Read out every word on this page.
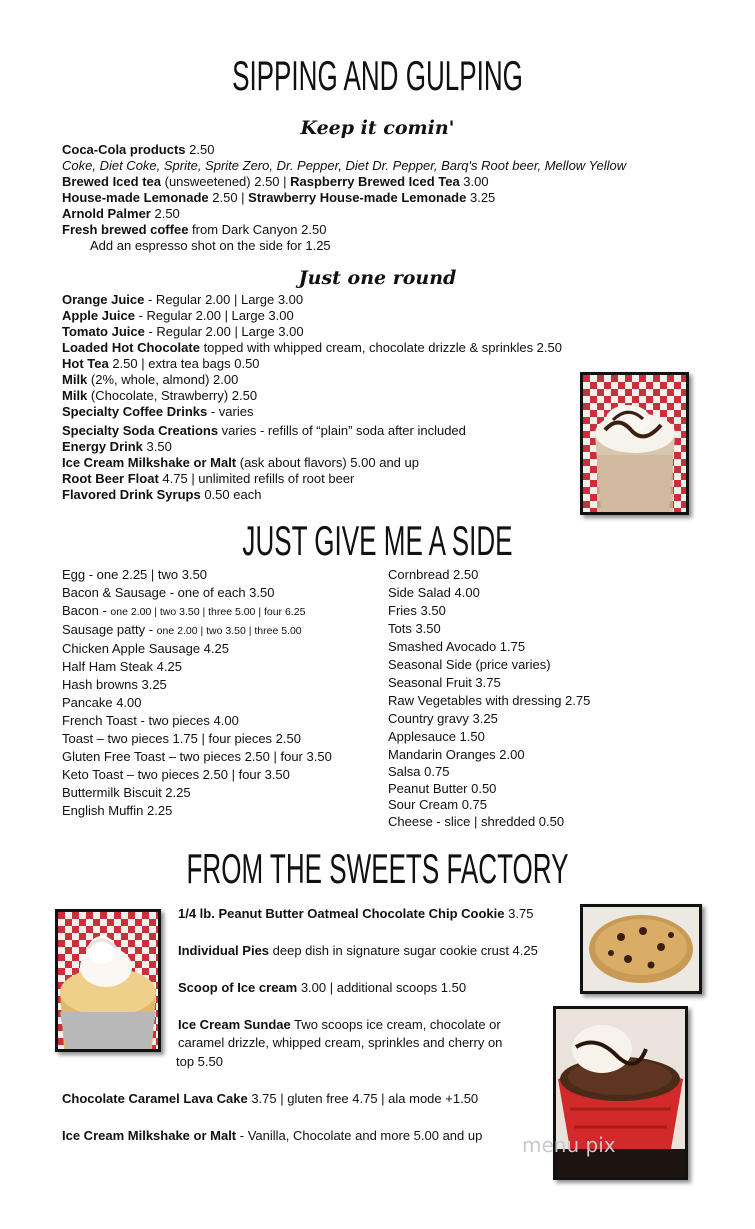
SIPPING AND GULPING
Keep it comin'
Coca-Cola products 2.50
Coke, Diet Coke, Sprite, Sprite Zero, Dr. Pepper, Diet Dr. Pepper, Barq's Root beer, Mellow Yellow
Brewed Iced tea (unsweetened) 2.50 | Raspberry Brewed Iced Tea 3.00
House-made Lemonade 2.50 | Strawberry House-made Lemonade 3.25
Arnold Palmer 2.50
Fresh brewed coffee from Dark Canyon 2.50
Add an espresso shot on the side for 1.25
Just one round
Orange Juice - Regular 2.00 | Large 3.00
Apple Juice - Regular 2.00 | Large 3.00
Tomato Juice - Regular 2.00 | Large 3.00
Loaded Hot Chocolate topped with whipped cream, chocolate drizzle & sprinkles 2.50
Hot Tea 2.50 | extra tea bags 0.50
Milk (2%, whole, almond) 2.00
Milk (Chocolate, Strawberry) 2.50
Specialty Coffee Drinks - varies
Specialty Soda Creations varies - refills of “plain” soda after included
Energy Drink 3.50
Ice Cream Milkshake or Malt (ask about flavors) 5.00 and up
Root Beer Float 4.75 | unlimited refills of root beer
Flavored Drink Syrups 0.50 each
JUST GIVE ME A SIDE
Egg - one 2.25 | two 3.50
Bacon & Sausage - one of each 3.50
Bacon - one 2.00 | two 3.50 | three 5.00 | four 6.25
Sausage patty - one 2.00 | two 3.50 | three 5.00
Chicken Apple Sausage 4.25
Half Ham Steak 4.25
Hash browns 3.25
Pancake 4.00
French Toast - two pieces 4.00
Toast – two pieces 1.75 | four pieces 2.50
Gluten Free Toast – two pieces 2.50 | four 3.50
Keto Toast – two pieces 2.50 | four 3.50
Buttermilk Biscuit 2.25
English Muffin 2.25
Cornbread 2.50
Side Salad 4.00
Fries 3.50
Tots 3.50
Smashed Avocado 1.75
Seasonal Side (price varies)
Seasonal Fruit 3.75
Raw Vegetables with dressing 2.75
Country gravy 3.25
Applesauce 1.50
Mandarin Oranges 2.00
Salsa 0.75
Peanut Butter 0.50
Sour Cream 0.75
Cheese - slice | shredded 0.50
FROM THE SWEETS FACTORY
1/4 lb. Peanut Butter Oatmeal Chocolate Chip Cookie 3.75
Individual Pies deep dish in signature sugar cookie crust 4.25
Scoop of Ice cream 3.00 | additional scoops 1.50
Ice Cream Sundae Two scoops ice cream, chocolate or
caramel drizzle, whipped cream, sprinkles and cherry on
top 5.50
Chocolate Caramel Lava Cake 3.75 | gluten free 4.75 | ala mode +1.50
Ice Cream Milkshake or Malt - Vanilla, Chocolate and more 5.00 and up menu pix
